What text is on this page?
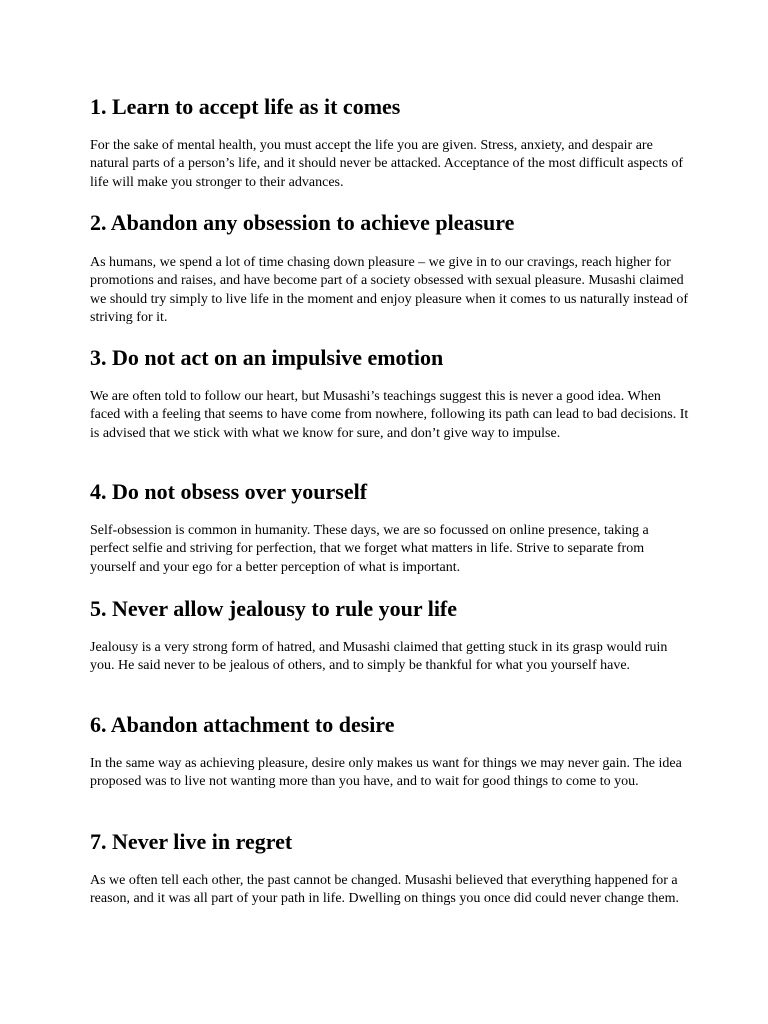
1. Learn to accept life as it comes

For the sake of mental health, you must accept the life you are given. Stress, anxiety, and despair are natural parts of a person’s life, and it should never be attacked. Acceptance of the most difficult aspects of life will make you stronger to their advances.

2. Abandon any obsession to achieve pleasure

As humans, we spend a lot of time chasing down pleasure – we give in to our cravings, reach higher for promotions and raises, and have become part of a society obsessed with sexual pleasure. Musashi claimed we should try simply to live life in the moment and enjoy pleasure when it comes to us naturally instead of striving for it.

3. Do not act on an impulsive emotion

We are often told to follow our heart, but Musashi’s teachings suggest this is never a good idea. When faced with a feeling that seems to have come from nowhere, following its path can lead to bad decisions. It is advised that we stick with what we know for sure, and don’t give way to impulse.

4. Do not obsess over yourself

Self-obsession is common in humanity. These days, we are so focussed on online presence, taking a perfect selfie and striving for perfection, that we forget what matters in life. Strive to separate from yourself and your ego for a better perception of what is important.

5. Never allow jealousy to rule your life

Jealousy is a very strong form of hatred, and Musashi claimed that getting stuck in its grasp would ruin you. He said never to be jealous of others, and to simply be thankful for what you yourself have.

6. Abandon attachment to desire

In the same way as achieving pleasure, desire only makes us want for things we may never gain. The idea proposed was to live not wanting more than you have, and to wait for good things to come to you.

7. Never live in regret

As we often tell each other, the past cannot be changed. Musashi believed that everything happened for a reason, and it was all part of your path in life. Dwelling on things you once did could never change them.
